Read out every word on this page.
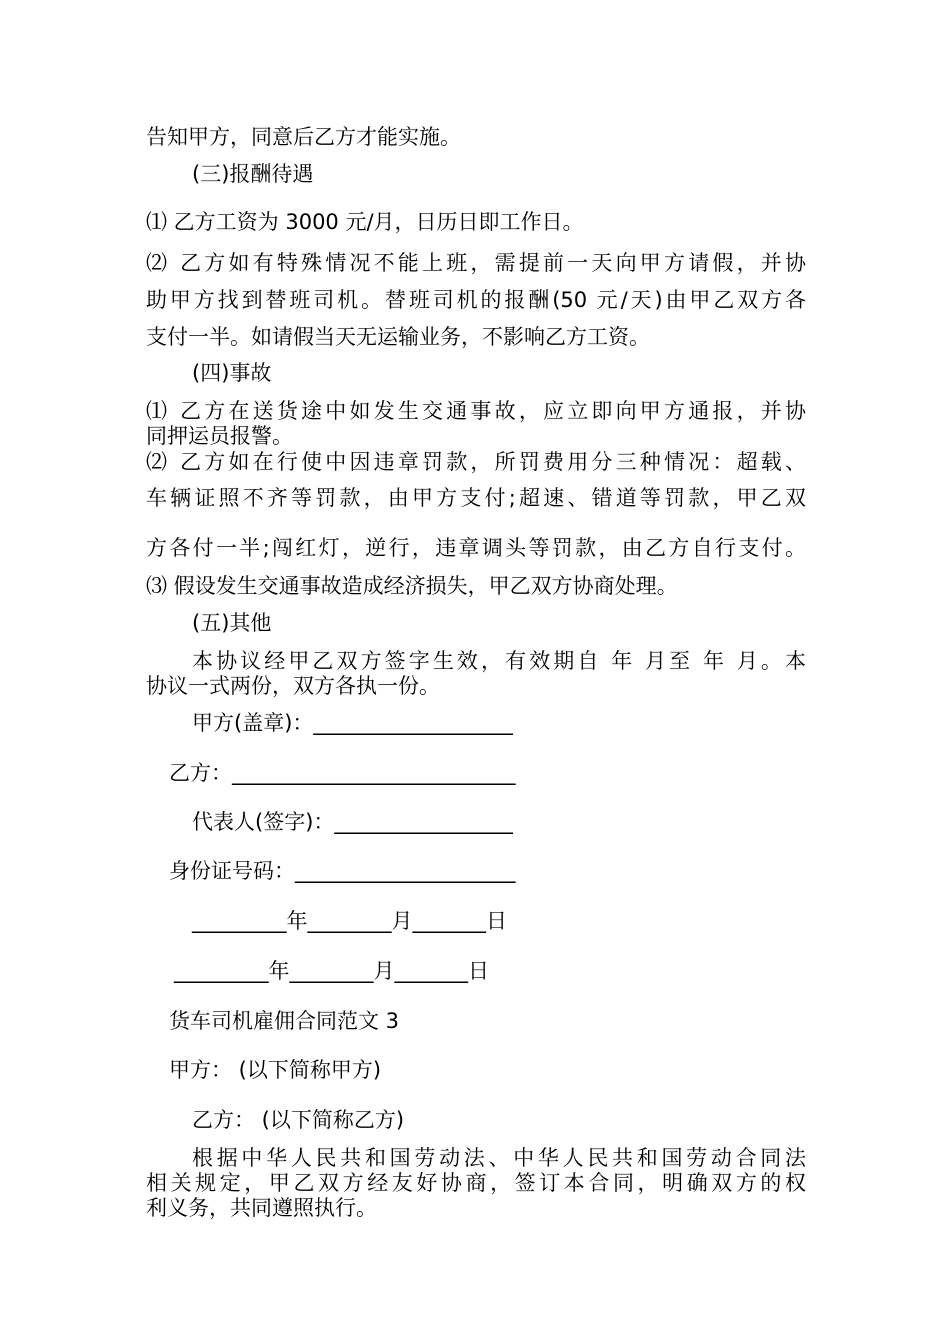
告知甲方，同意后乙方才能实施。
(三)报酬待遇
⑴ 乙方工资为 3000 元/月，日历日即工作日。
⑵ 乙方如有特殊情况不能上班，需提前一天向甲方请假，并协
助甲方找到替班司机。替班司机的报酬(50 元/天)由甲乙双方各
支付一半。如请假当天无运输业务，不影响乙方工资。
(四)事故
⑴ 乙方在送货途中如发生交通事故，应立即向甲方通报，并协
同押运员报警。
⑵ 乙方如在行使中因违章罚款，所罚费用分三种情况：超载、
车辆证照不齐等罚款，由甲方支付;超速、错道等罚款，甲乙双
方各付一半;闯红灯，逆行，违章调头等罚款，由乙方自行支付。
⑶ 假设发生交通事故造成经济损失，甲乙双方协商处理。
(五)其他
本协议经甲乙双方签字生效，有效期自 年 月至 年 月。本
协议一式两份，双方各执一份。
甲方(盖章)：___________________
乙方：___________________________
代表人(签字)：_________________
身份证号码：_____________________
_________年________月_______日
_________年________月_______日
货车司机雇佣合同范文 3
甲方： (以下简称甲方)
乙方： (以下简称乙方)
根据中华人民共和国劳动法、中华人民共和国劳动合同法
相关规定，甲乙双方经友好协商，签订本合同，明确双方的权
利义务，共同遵照执行。
